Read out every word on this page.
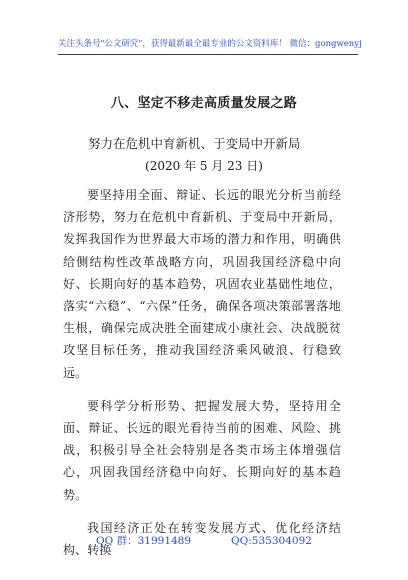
关注头条号"公文研究"，获得最新最全最专业的公文资料库！ 微信：gongwenyj
八、坚定不移走高质量发展之路
努力在危机中育新机、于变局中开新局
(2020 年 5 月 23 日)

要坚持用全面、辩证、长远的眼光分析当前经济形势，努力在危机中育新机、于变局中开新局，发挥我国作为世界最大市场的潜力和作用，明确供给侧结构性改革战略方向，巩固我国经济稳中向好、长期向好的基本趋势，巩固农业基础性地位，落实“六稳”、“六保”任务，确保各项决策部署落地生根，确保完成决胜全面建成小康社会、决战脱贫攻坚目标任务，推动我国经济乘风破浪、行稳致远。

要科学分析形势、把握发展大势，坚持用全面、辩证、长远的眼光看待当前的困难、风险、挑战，积极引导全社会特别是各类市场主体增强信心，巩固我国经济稳中向好、长期向好的基本趋势。

我国经济正处在转变发展方式、优化经济结构、转换

QQ 群：31991489	QQ:535304092
